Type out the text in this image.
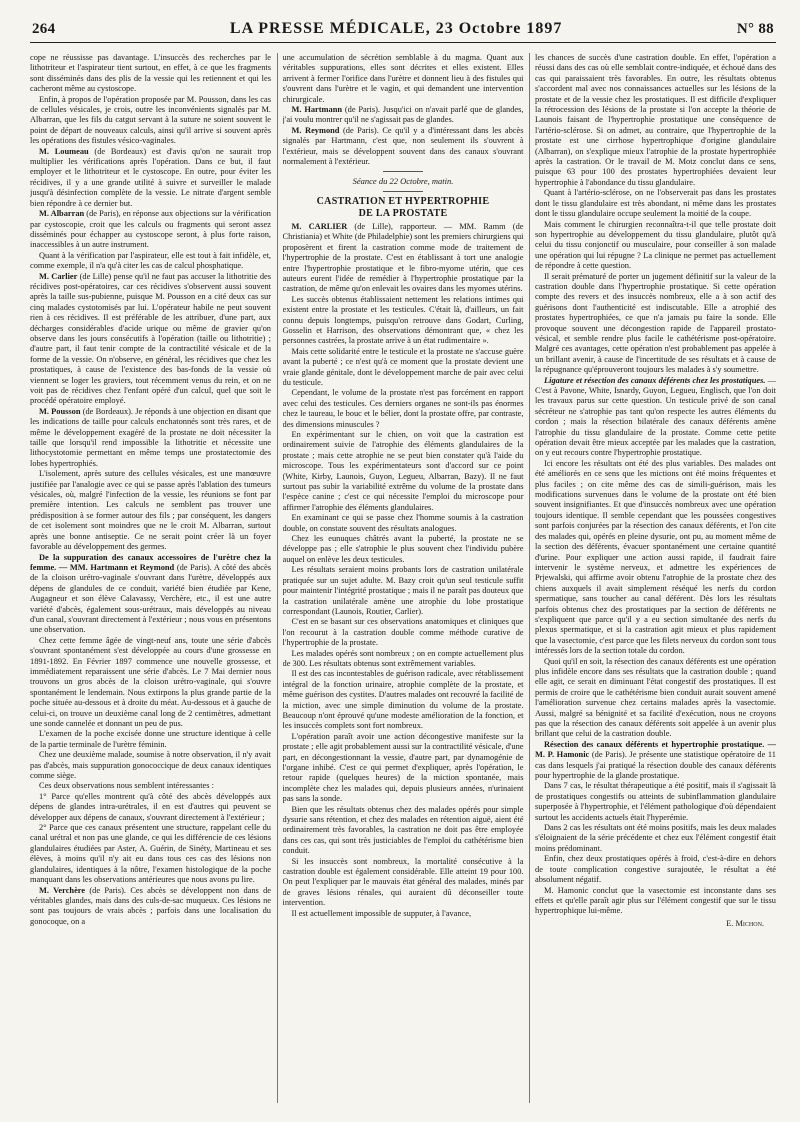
264	LA PRESSE MÉDICALE, 23 Octobre 1897	N° 88

cope ne réussisse pas davantage. L'insuccès des recherches par le lithotriteur et l'aspirateur tient surtout, en effet, à ce que les fragments sont disséminés dans des plis de la vessie qui les retiennent et qui les cacheront même au cystoscope.

Enfin, à propos de l'opération proposée par M. Pousson, dans les cas de cellules vésicales, je crois, outre les inconvénients signalés par M. Albarran, que les fils du catgut servant à la suture ne soient souvent le point de départ de nouveaux calculs, ainsi qu'il arrive si souvent après les opérations des fistules vésico-vaginales.

M. Loumeau (de Bordeaux) est d'avis qu'on ne saurait trop multiplier les vérifications après l'opération. Dans ce but, il faut employer et le lithotriteur et le cystoscope. En outre, pour éviter les récidives, il y a une grande utilité à suivre et surveiller le malade jusqu'à désinfection complète de la vessie. Le nitrate d'argent semble bien répondre à ce dernier but.

M. Albarran (de Paris), en réponse aux objections sur la vérification par cystoscopie, croit que les calculs ou fragments qui seront assez disséminés pour échapper au cystoscope seront, à plus forte raison, inaccessibles à un autre instrument.

Quant à la vérification par l'aspirateur, elle est tout à fait infidèle, et, comme exemple, il n'a qu'à citer les cas de calcul phosphatique.

M. Carlier (de Lille) pense qu'il ne faut pas accuser la lithotritie des récidives post-opératoires, car ces récidives s'observent aussi souvent après la taille sus-pubienne, puisque M. Pousson en a cité deux cas sur cinq malades cystotomisés par lui. L'opérateur habile ne peut souvent rien à ces récidives. Il est préférable de les attribuer, d'une part, aux décharges considérables d'acide urique ou même de gravier qu'on observe dans les jours consécutifs à l'opération (taille ou lithotritie) ; d'autre part, il faut tenir compte de la contractilité vésicale et de la forme de la vessie. On n'observe, en général, les récidives que chez les prostatiques, à cause de l'existence des bas-fonds de la vessie où viennent se loger les graviers, tout récemment venus du rein, et on ne voit pas de récidives chez l'enfant opéré d'un calcul, quel que soit le procédé opératoire employé.

M. Pousson (de Bordeaux). Je réponds à une objection en disant que les indications de taille pour calculs enchatonnés sont très rares, et de même le développement exagéré de la prostate ne doit nécessiter la taille que lorsqu'il rend impossible la lithotritie et nécessite une lithocystotomie permettant en même temps une prostatectomie des lobes hypertrophiés.

L'isolement, après suture des cellules vésicales, est une manœuvre justifiée par l'analogie avec ce qui se passe après l'ablation des tumeurs vésicales, où, malgré l'infection de la vessie, les réunions se font par première intention. Les calculs ne semblent pas trouver une prédisposition à se former autour des fils ; par conséquent, les dangers de cet isolement sont moindres que ne le croit M. Albarran, surtout après une bonne antiseptie. Ce ne serait point créer là un foyer favorable au développement des germes.

De la suppuration des canaux accessoires de l'urètre chez la femme. — MM. Hartmann et Reymond (de Paris). A côté des abcès de la cloison urétro-vaginale s'ouvrant dans l'urètre, développés aux dépens de glandules de ce conduit, variété bien étudiée par Kene, Augagneur et son élève Calavassy, Verchère, etc., il est une autre variété d'abcès, également sous-urétraux, mais développés au niveau d'un canal, s'ouvrant directement à l'extérieur ; nous vous en présentons une observation.

Chez cette femme âgée de vingt-neuf ans, toute une série d'abcès s'ouvrant spontanément s'est développée au cours d'une grossesse en 1891-1892. En Février 1897 commence une nouvelle grossesse, et immédiatement reparaissent une série d'abcès. Le 7 Mai dernier nous trouvons un gros abcès de la cloison urétro-vaginale, qui s'ouvre spontanément le lendemain. Nous extirpons la plus grande partie de la poche située au-dessous et à droite du méat. Au-dessous et à gauche de celui-ci, on trouve un deuxième canal long de 2 centimètres, admettant une sonde cannelée et donnant un peu de pus.

L'examen de la poche excisée donne une structure identique à celle de la partie terminale de l'urètre féminin.

Chez une deuxième malade, soumise à notre observation, il n'y avait pas d'abcès, mais suppuration gonococcique de deux canaux identiques comme siège.

Ces deux observations nous semblent intéressantes :

1° Parce qu'elles montrent qu'à côté des abcès développés aux dépens de glandes intra-urétrales, il en est d'autres qui peuvent se développer aux dépens de canaux, s'ouvrant directement à l'extérieur ;

2° Parce que ces canaux présentent une structure, rappelant celle du canal urétral et non pas une glande, ce qui les différencie de ces lésions glandulaires étudiées par Aster, A. Guérin, de Sinéty, Martineau et ses élèves, à moins qu'il n'y ait eu dans tous ces cas des lésions non glandulaires, identiques à la nôtre, l'examen histologique de la poche manquant dans les observations antérieures que nous avons pu lire.

M. Verchère (de Paris). Ces abcès se développent non dans de véritables glandes, mais dans des culs-de-sac muqueux. Ces lésions ne sont pas toujours de vrais abcès ; parfois dans une localisation du gonocoque, on a

une accumulation de sécrétion semblable à du magma. Quant aux véritables suppurations, elles sont décrites et elles existent. Elles arrivent à fermer l'orifice dans l'urètre et donnent lieu à des fistules qui s'ouvrent dans l'urètre et le vagin, et qui demandent une intervention chirurgicale.

M. Hartmann (de Paris). Jusqu'ici on n'avait parlé que de glandes, j'ai voulu montrer qu'il ne s'agissait pas de glandes.

M. Reymond (de Paris). Ce qu'il y a d'intéressant dans les abcès signalés par Hartmann, c'est que, non seulement ils s'ouvrent à l'extérieur, mais se développent souvent dans des canaux s'ouvrant normalement à l'extérieur.

Séance du 22 Octobre, matin.
CASTRATION ET HYPERTROPHIE
DE LA PROSTATE

M. CARLIER (de Lille), rapporteur. — MM. Ramm (de Christiania) et White (de Philadelphie) sont les premiers chirurgiens qui proposèrent et firent la castration comme mode de traitement de l'hypertrophie de la prostate. C'est en établissant à tort une analogie entre l'hypertrophie prostatique et le fibro-myome utérin, que ces auteurs eurent l'idée de remédier à l'hypertrophie prostatique par la castration, de même qu'on enlevait les ovaires dans les myomes utérins.

Les succès obtenus établissaient nettement les relations intimes qui existent entre la prostate et les testicules. C'était là, d'ailleurs, un fait connu depuis longtemps, puisqu'on retrouve dans Godart, Curling, Gosselin et Harrison, des observations démontrant que, « chez les personnes castrées, la prostate arrive à un état rudimentaire ».

Mais cette solidarité entre le testicule et la prostate ne s'accuse guère avant la puberté ; ce n'est qu'à ce moment que la prostate devient une vraie glande génitale, dont le développement marche de pair avec celui du testicule.

Cependant, le volume de la prostate n'est pas forcément en rapport avec celui des testicules. Ces derniers organes ne sont-ils pas énormes chez le taureau, le bouc et le bélier, dont la prostate offre, par contraste, des dimensions minuscules ?

En expérimentant sur le chien, on voit que la castration est ordinairement suivie de l'atrophie des éléments glandulaires de la prostate ; mais cette atrophie ne se peut bien constater qu'à l'aide du microscope. Tous les expérimentateurs sont d'accord sur ce point (White, Kirby, Launois, Guyon, Legueu, Albarran, Bazy). Il ne faut surtout pas subir la variabilité extrême du volume de la prostate dans l'espèce canine ; c'est ce qui nécessite l'emploi du microscope pour affirmer l'atrophie des éléments glandulaires.

En examinant ce qui se passe chez l'homme soumis à la castration double, on constate souvent des résultats analogues.

Chez les eunuques châtrés avant la puberté, la prostate ne se développe pas ; elle s'atrophie le plus souvent chez l'individu pubère auquel on enlève les deux testicules.

Les résultats seraient moins probants lors de castration unilatérale pratiquée sur un sujet adulte. M. Bazy croit qu'un seul testicule suffit pour maintenir l'intégrité prostatique ; mais il ne paraît pas douteux que la castration unilatérale amène une atrophie du lobe prostatique correspondant (Launois, Routier, Carlier).

C'est en se basant sur ces observations anatomiques et cliniques que l'on recourut à la castration double comme méthode curative de l'hypertrophie de la prostate.

Les malades opérés sont nombreux ; on en compte actuellement plus de 300. Les résultats obtenus sont extrêmement variables.

Il est des cas incontestables de guérison radicale, avec rétablissement intégral de la fonction urinaire, atrophie complète de la prostate, et même guérison des cystites. D'autres malades ont recouvré la facilité de la miction, avec une simple diminution du volume de la prostate. Beaucoup n'ont éprouvé qu'une modeste amélioration de la fonction, et les insuccès complets sont fort nombreux.

L'opération paraît avoir une action décongestive manifeste sur la prostate ; elle agit probablement aussi sur la contractilité vésicale, d'une part, en décongestionnant la vessie, d'autre part, par dynamogénie de l'organe inhibé. C'est ce qui permet d'expliquer, après l'opération, le retour rapide (quelques heures) de la miction spontanée, mais incomplète chez les malades qui, depuis plusieurs années, n'urinaient pas sans la sonde.

Bien que les résultats obtenus chez des malades opérés pour simple dysurie sans rétention, et chez des malades en rétention aiguë, aient été ordinairement très favorables, la castration ne doit pas être employée dans ces cas, qui sont très justiciables de l'emploi du cathétérisme bien conduit.

Si les insuccès sont nombreux, la mortalité consécutive à la castration double est également considérable. Elle atteint 19 pour 100. On peut l'expliquer par le mauvais état général des malades, minés par de graves lésions rénales, qui auraient dû déconseiller toute intervention.

Il est actuellement impossible de supputer, à l'avance,

les chances de succès d'une castration double. En effet, l'opération a réussi dans des cas où elle semblait contre-indiquée, et échoué dans des cas qui paraissaient très favorables. En outre, les résultats obtenus s'accordent mal avec nos connaissances actuelles sur les lésions de la prostate et de la vessie chez les prostatiques. Il est difficile d'expliquer la rétrocession des lésions de la prostate si l'on accepte la théorie de Launois faisant de l'hypertrophie prostatique une conséquence de l'artério-sclérose. Si on admet, au contraire, que l'hypertrophie de la prostate est une cirrhose hypertrophique d'origine glandulaire (Albarran), on s'explique mieux l'atrophie de la prostate hypertrophiée après la castration. Or le travail de M. Motz conclut dans ce sens, puisque 63 pour 100 des prostates hypertrophiées devaient leur hypertrophie à l'abondance du tissu glandulaire.

Quant à l'artério-sclérose, on ne l'observerait pas dans les prostates dont le tissu glandulaire est très abondant, ni même dans les prostates dont le tissu glandulaire occupe seulement la moitié de la coupe.

Mais comment le chirurgien reconnaîtra-t-il que telle prostate doit son hypertrophie au développement du tissu glandulaire, plutôt qu'à celui du tissu conjonctif ou musculaire, pour conseiller à son malade une opération qui lui répugne ? La clinique ne permet pas actuellement de répondre à cette question.

Il serait prématuré de porter un jugement définitif sur la valeur de la castration double dans l'hypertrophie prostatique. Si cette opération compte des revers et des insuccès nombreux, elle a à son actif des guérisons dont l'authenticité est indiscutable. Elle a atrophié des prostates hypertrophiées, ce que n'a jamais pu faire la sonde. Elle provoque souvent une décongestion rapide de l'appareil prostato-vésical, et semble rendre plus facile le cathétérisme post-opératoire. Malgré ces avantages, cette opération n'est probablement pas appelée à un brillant avenir, à cause de l'incertitude de ses résultats et à cause de la répugnance qu'éprouveront toujours les malades à s'y soumettre.

Ligature et résection des canaux déférents chez les prostatiques. — C'est à Pavone, White, Isnardy, Guyon, Legueu, Englisch, que l'on doit les travaux parus sur cette question. Un testicule privé de son canal sécréteur ne s'atrophie pas tant qu'on respecte les autres éléments du cordon ; mais la résection bilatérale des canaux déférents amène l'atrophie du tissu glandulaire de la prostate. Comme cette petite opération devait être mieux acceptée par les malades que la castration, on y eut recours contre l'hypertrophie prostatique.

Ici encore les résultats ont été des plus variables. Des malades ont été améliorés en ce sens que les mictions ont été moins fréquentes et plus faciles ; on cite même des cas de simili-guérison, mais les modifications survenues dans le volume de la prostate ont été bien souvent insignifiantes. Et que d'insuccès nombreux avec une opération toujours identique. Il semble cependant que les poussées congestives sont parfois conjurées par la résection des canaux déférents, et l'on cite des malades qui, opérés en pleine dysurie, ont pu, au moment même de la section des déférents, évacuer spontanément une certaine quantité d'urine. Pour expliquer une action aussi rapide, il faudrait faire intervenir le système nerveux, et admettre les expériences de Prjewalski, qui affirme avoir obtenu l'atrophie de la prostate chez des chiens auxquels il avait simplement réséqué les nerfs du cordon spermatique, sans toucher au canal déférent. Dès lors les résultats parfois obtenus chez des prostatiques par la section de déférents ne s'expliquent que parce qu'il y a eu section simultanée des nerfs du plexus spermatique, et si la castration agit mieux et plus rapidement que la vasectomie, c'est parce que les filets nerveux du cordon sont tous intéressés lors de la section totale du cordon.

Quoi qu'il en soit, la résection des canaux déférents est une opération plus infidèle encore dans ses résultats que la castration double ; quand elle agit, ce serait en diminuant l'état congestif des prostatiques. Il est permis de croire que le cathétérisme bien conduit aurait souvent amené l'amélioration survenue chez certains malades après la vasectomie. Aussi, malgré sa bénignité et sa facilité d'exécution, nous ne croyons pas que la résection des canaux déférents soit appelée à un avenir plus brillant que celui de la castration double.

Résection des canaux déférents et hypertrophie prostatique. — M. P. Hamonic (de Paris). Je présente une statistique opératoire de 11 cas dans lesquels j'ai pratiqué la résection double des canaux déférents pour hypertrophie de la glande prostatique.

Dans 7 cas, le résultat thérapeutique a été positif, mais il s'agissait là de prostatiques congestifs ou atteints de subinflammation glandulaire superposée à l'hypertrophie, et l'élément pathologique d'où dépendaient surtout les accidents actuels était l'hyperémie.

Dans 2 cas les résultats ont été moins positifs, mais les deux malades s'éloignaient de la série précédente et chez eux l'élément congestif était moins prédominant.

Enfin, chez deux prostatiques opérés à froid, c'est-à-dire en dehors de toute complication congestive surajoutée, le résultat a été absolument négatif.

M. Hamonic conclut que la vasectomie est inconstante dans ses effets et qu'elle paraît agir plus sur l'élément congestif que sur le tissu hypertrophique lui-même.

E. Michon.
